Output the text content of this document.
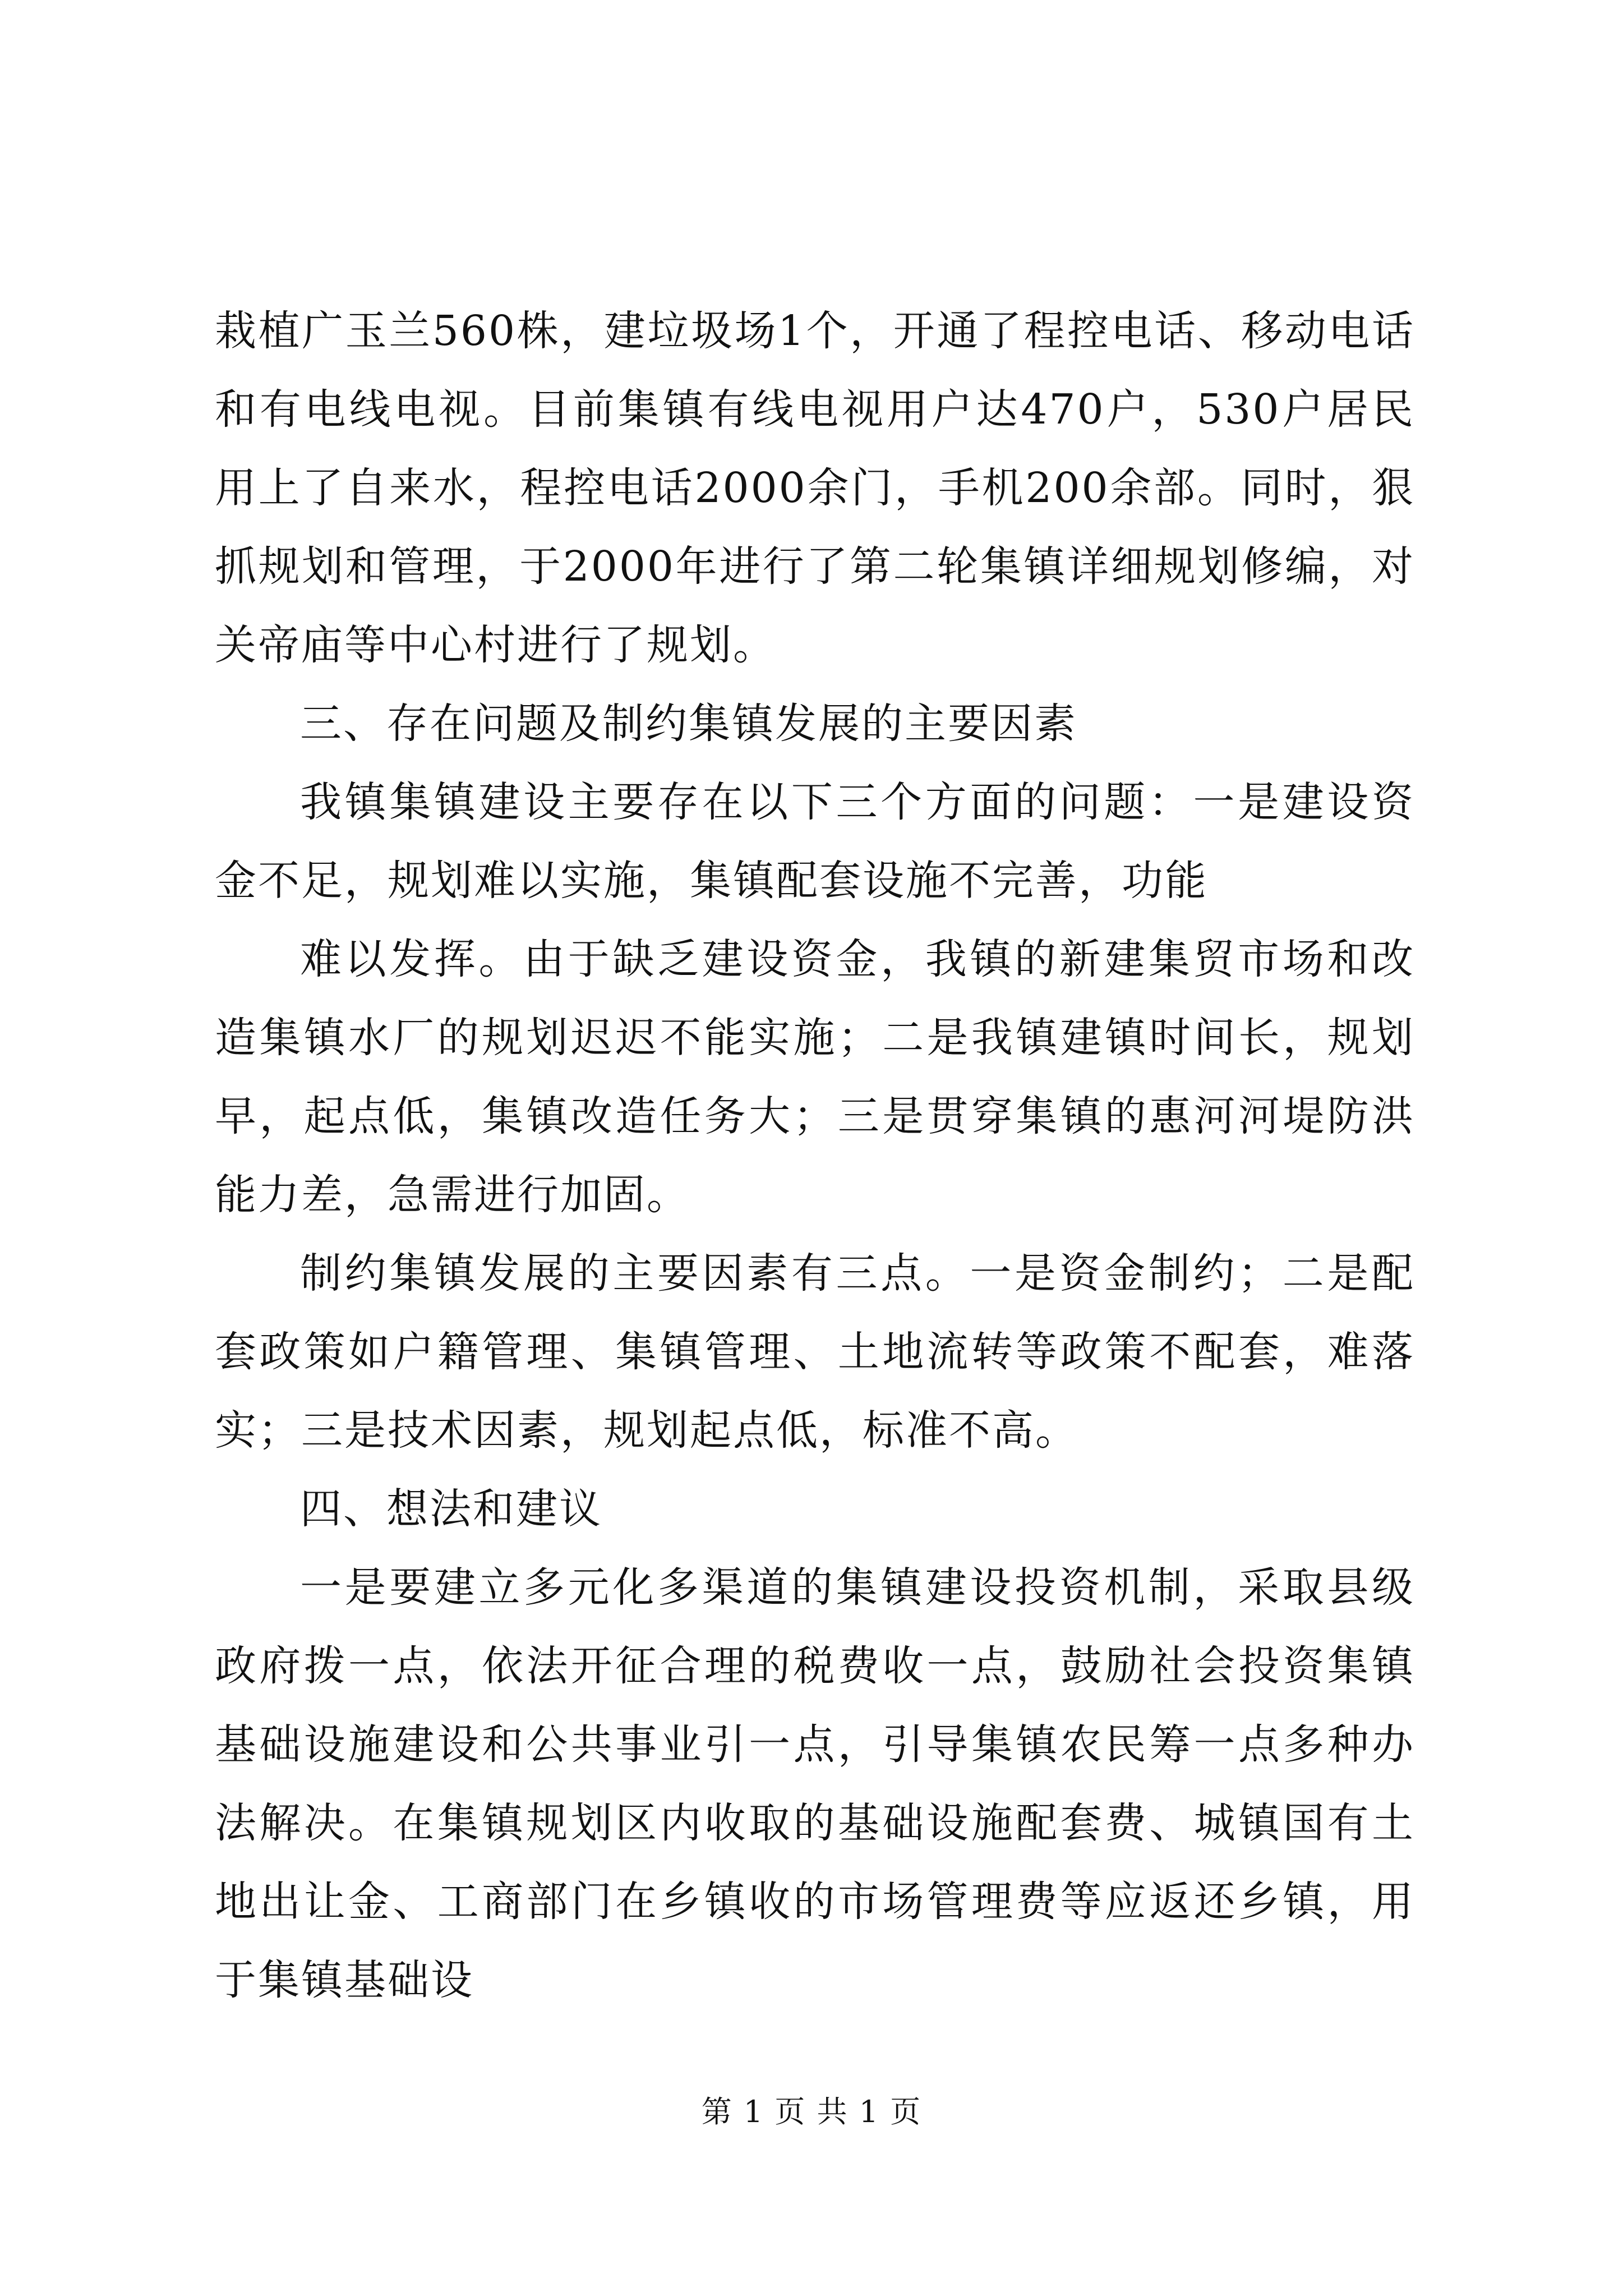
栽植广玉兰560株，建垃圾场1个，开通了程控电话、移动电话和有电线电视。目前集镇有线电视用户达470户，530户居民用上了自来水，程控电话2000余门，手机200余部。同时，狠抓规划和管理，于2000年进行了第二轮集镇详细规划修编，对关帝庙等中心村进行了规划。

三、存在问题及制约集镇发展的主要因素

我镇集镇建设主要存在以下三个方面的问题：一是建设资金不足，规划难以实施，集镇配套设施不完善，功能

难以发挥。由于缺乏建设资金，我镇的新建集贸市场和改造集镇水厂的规划迟迟不能实施；二是我镇建镇时间长，规划早，起点低，集镇改造任务大；三是贯穿集镇的惠河河堤防洪能力差，急需进行加固。

制约集镇发展的主要因素有三点。一是资金制约；二是配套政策如户籍管理、集镇管理、土地流转等政策不配套，难落实；三是技术因素，规划起点低，标准不高。

四、想法和建议

一是要建立多元化多渠道的集镇建设投资机制，采取县级政府拨一点，依法开征合理的税费收一点，鼓励社会投资集镇基础设施建设和公共事业引一点，引导集镇农民筹一点多种办法解决。在集镇规划区内收取的基础设施配套费、城镇国有土地出让金、工商部门在乡镇收的市场管理费等应返还乡镇，用于集镇基础设

第 1 页 共 1 页
